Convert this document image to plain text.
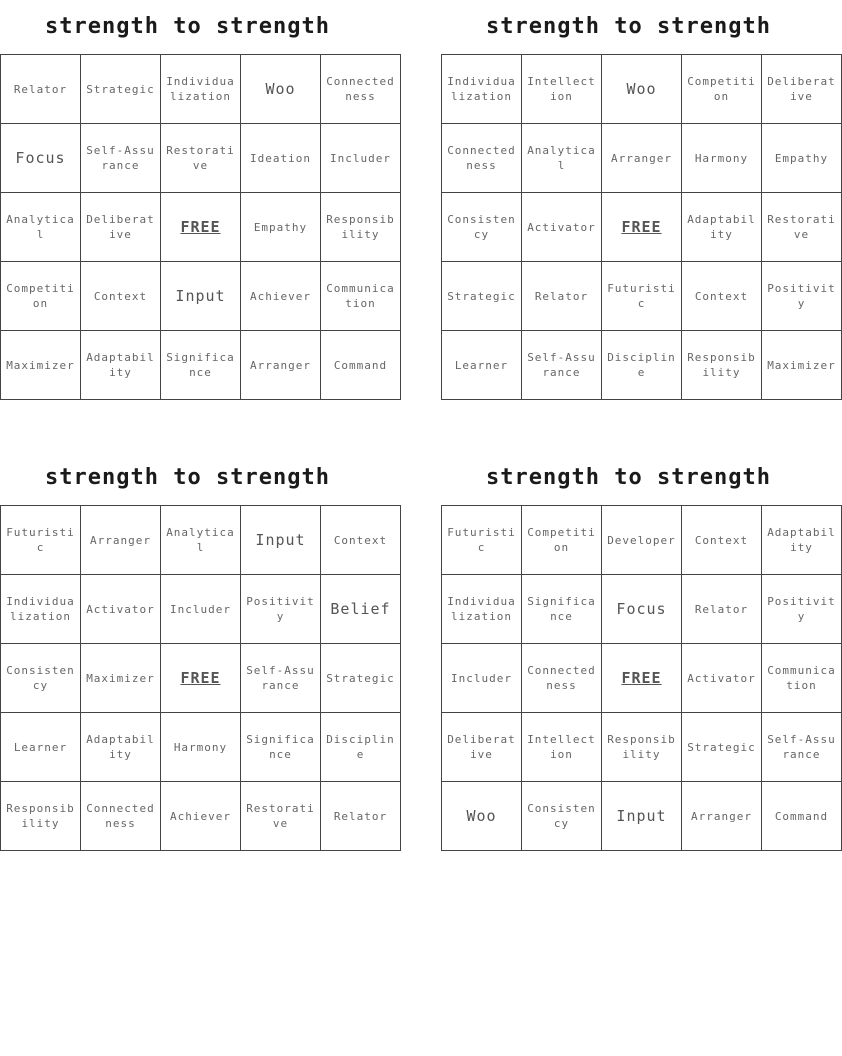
strength to strength
Relator	Strategic	Individualization	Woo	Connectedness
Focus	Self-Assurance	Restorative	Ideation	Includer
Analytical	Deliberative	FREE	Empathy	Responsibility
Competition	Context	Input	Achiever	Communication
Maximizer	Adaptability	Significance	Arranger	Command
strength to strength
Individualization	Intellection	Woo	Competition	Deliberative
Connectedness	Analytical	Arranger	Harmony	Empathy
Consistency	Activator	FREE	Adaptability	Restorative
Strategic	Relator	Futuristic	Context	Positivity
Learner	Self-Assurance	Discipline	Responsibility	Maximizer
strength to strength
Futuristic	Arranger	Analytical	Input	Context
Individualization	Activator	Includer	Positivity	Belief
Consistency	Maximizer	FREE	Self-Assurance	Strategic
Learner	Adaptability	Harmony	Significance	Discipline
Responsibility	Connectedness	Achiever	Restorative	Relator
strength to strength
Futuristic	Competition	Developer	Context	Adaptability
Individualization	Significance	Focus	Relator	Positivity
Includer	Connectedness	FREE	Activator	Communication
Deliberative	Intellection	Responsibility	Strategic	Self-Assurance
Woo	Consistency	Input	Arranger	Command
